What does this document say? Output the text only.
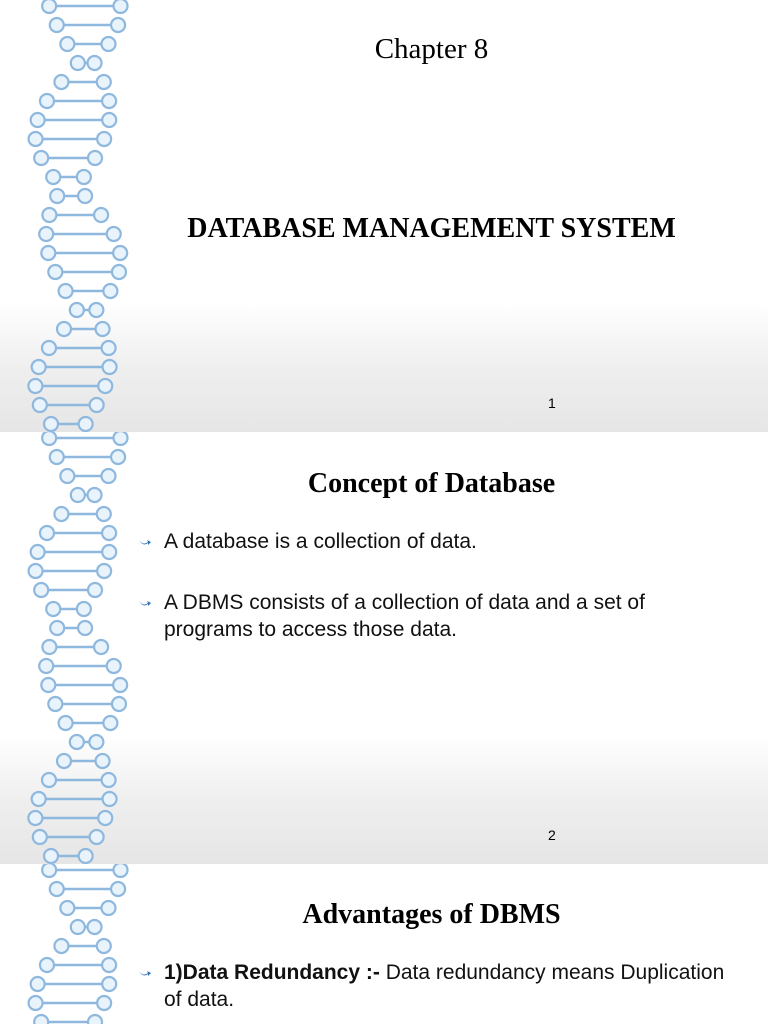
Chapter 8
DATABASE MANAGEMENT SYSTEM
1
Concept of Database
A database is a collection of data.
A DBMS consists of a collection of data and a set of programs to access those data.
2
Advantages of DBMS
1)Data Redundancy :- Data redundancy means Duplication of data.
